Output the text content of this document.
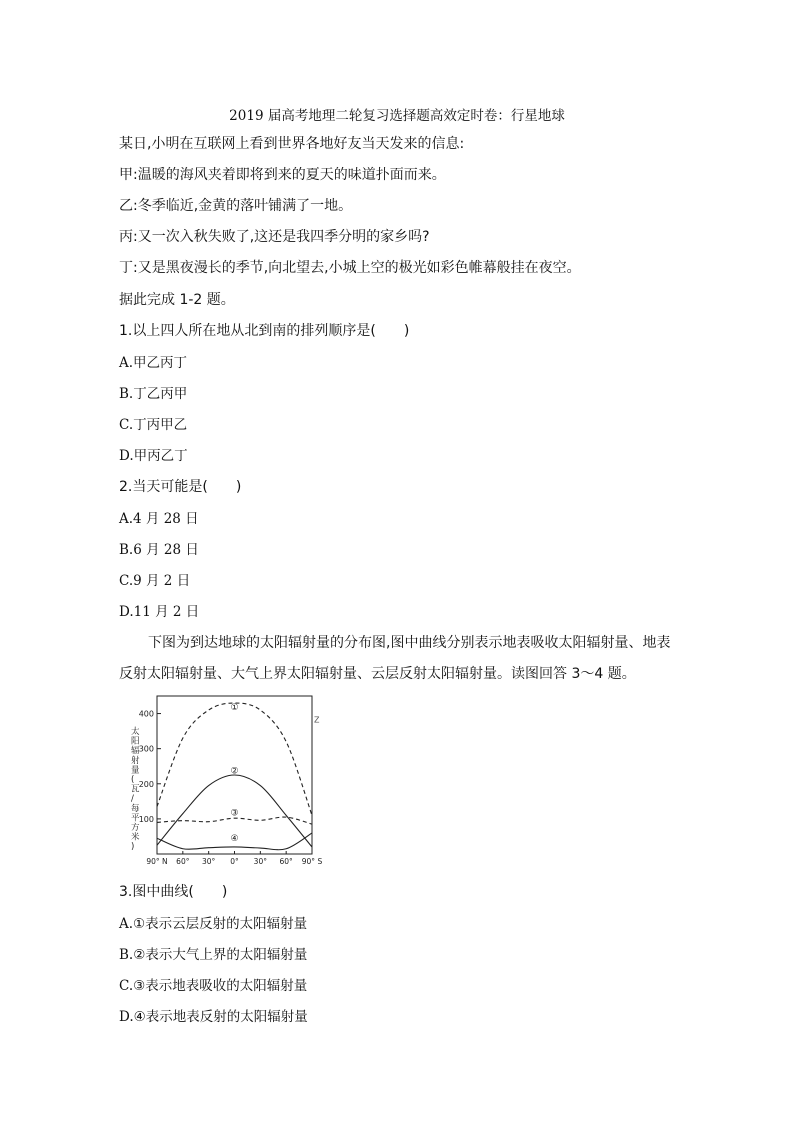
2019 届高考地理二轮复习选择题高效定时卷：行星地球
某日,小明在互联网上看到世界各地好友当天发来的信息:
甲:温暖的海风夹着即将到来的夏天的味道扑面而来。
乙:冬季临近,金黄的落叶铺满了一地。
丙:又一次入秋失败了,这还是我四季分明的家乡吗?
丁:又是黑夜漫长的季节,向北望去,小城上空的极光如彩色帷幕般挂在夜空。
据此完成 1-2 题。
1.以上四人所在地从北到南的排列顺序是(　　)
A.甲乙丙丁
B.丁乙丙甲
C.丁丙甲乙
D.甲丙乙丁
2.当天可能是(　　)
A.4 月 28 日
B.6 月 28 日
C.9 月 2 日
D.11 月 2 日
下图为到达地球的太阳辐射量的分布图,图中曲线分别表示地表吸收太阳辐射量、地表
反射太阳辐射量、大气上界太阳辐射量、云层反射太阳辐射量。读图回答 3～4 题。
100
200
300
400
90° N 60° 30° 0° 30° 60° 90° S
太阳辐射量(瓦/每平方米)
①
②
③
④
Z
3.图中曲线(　　)
A.①表示云层反射的太阳辐射量
B.②表示大气上界的太阳辐射量
C.③表示地表吸收的太阳辐射量
D.④表示地表反射的太阳辐射量
